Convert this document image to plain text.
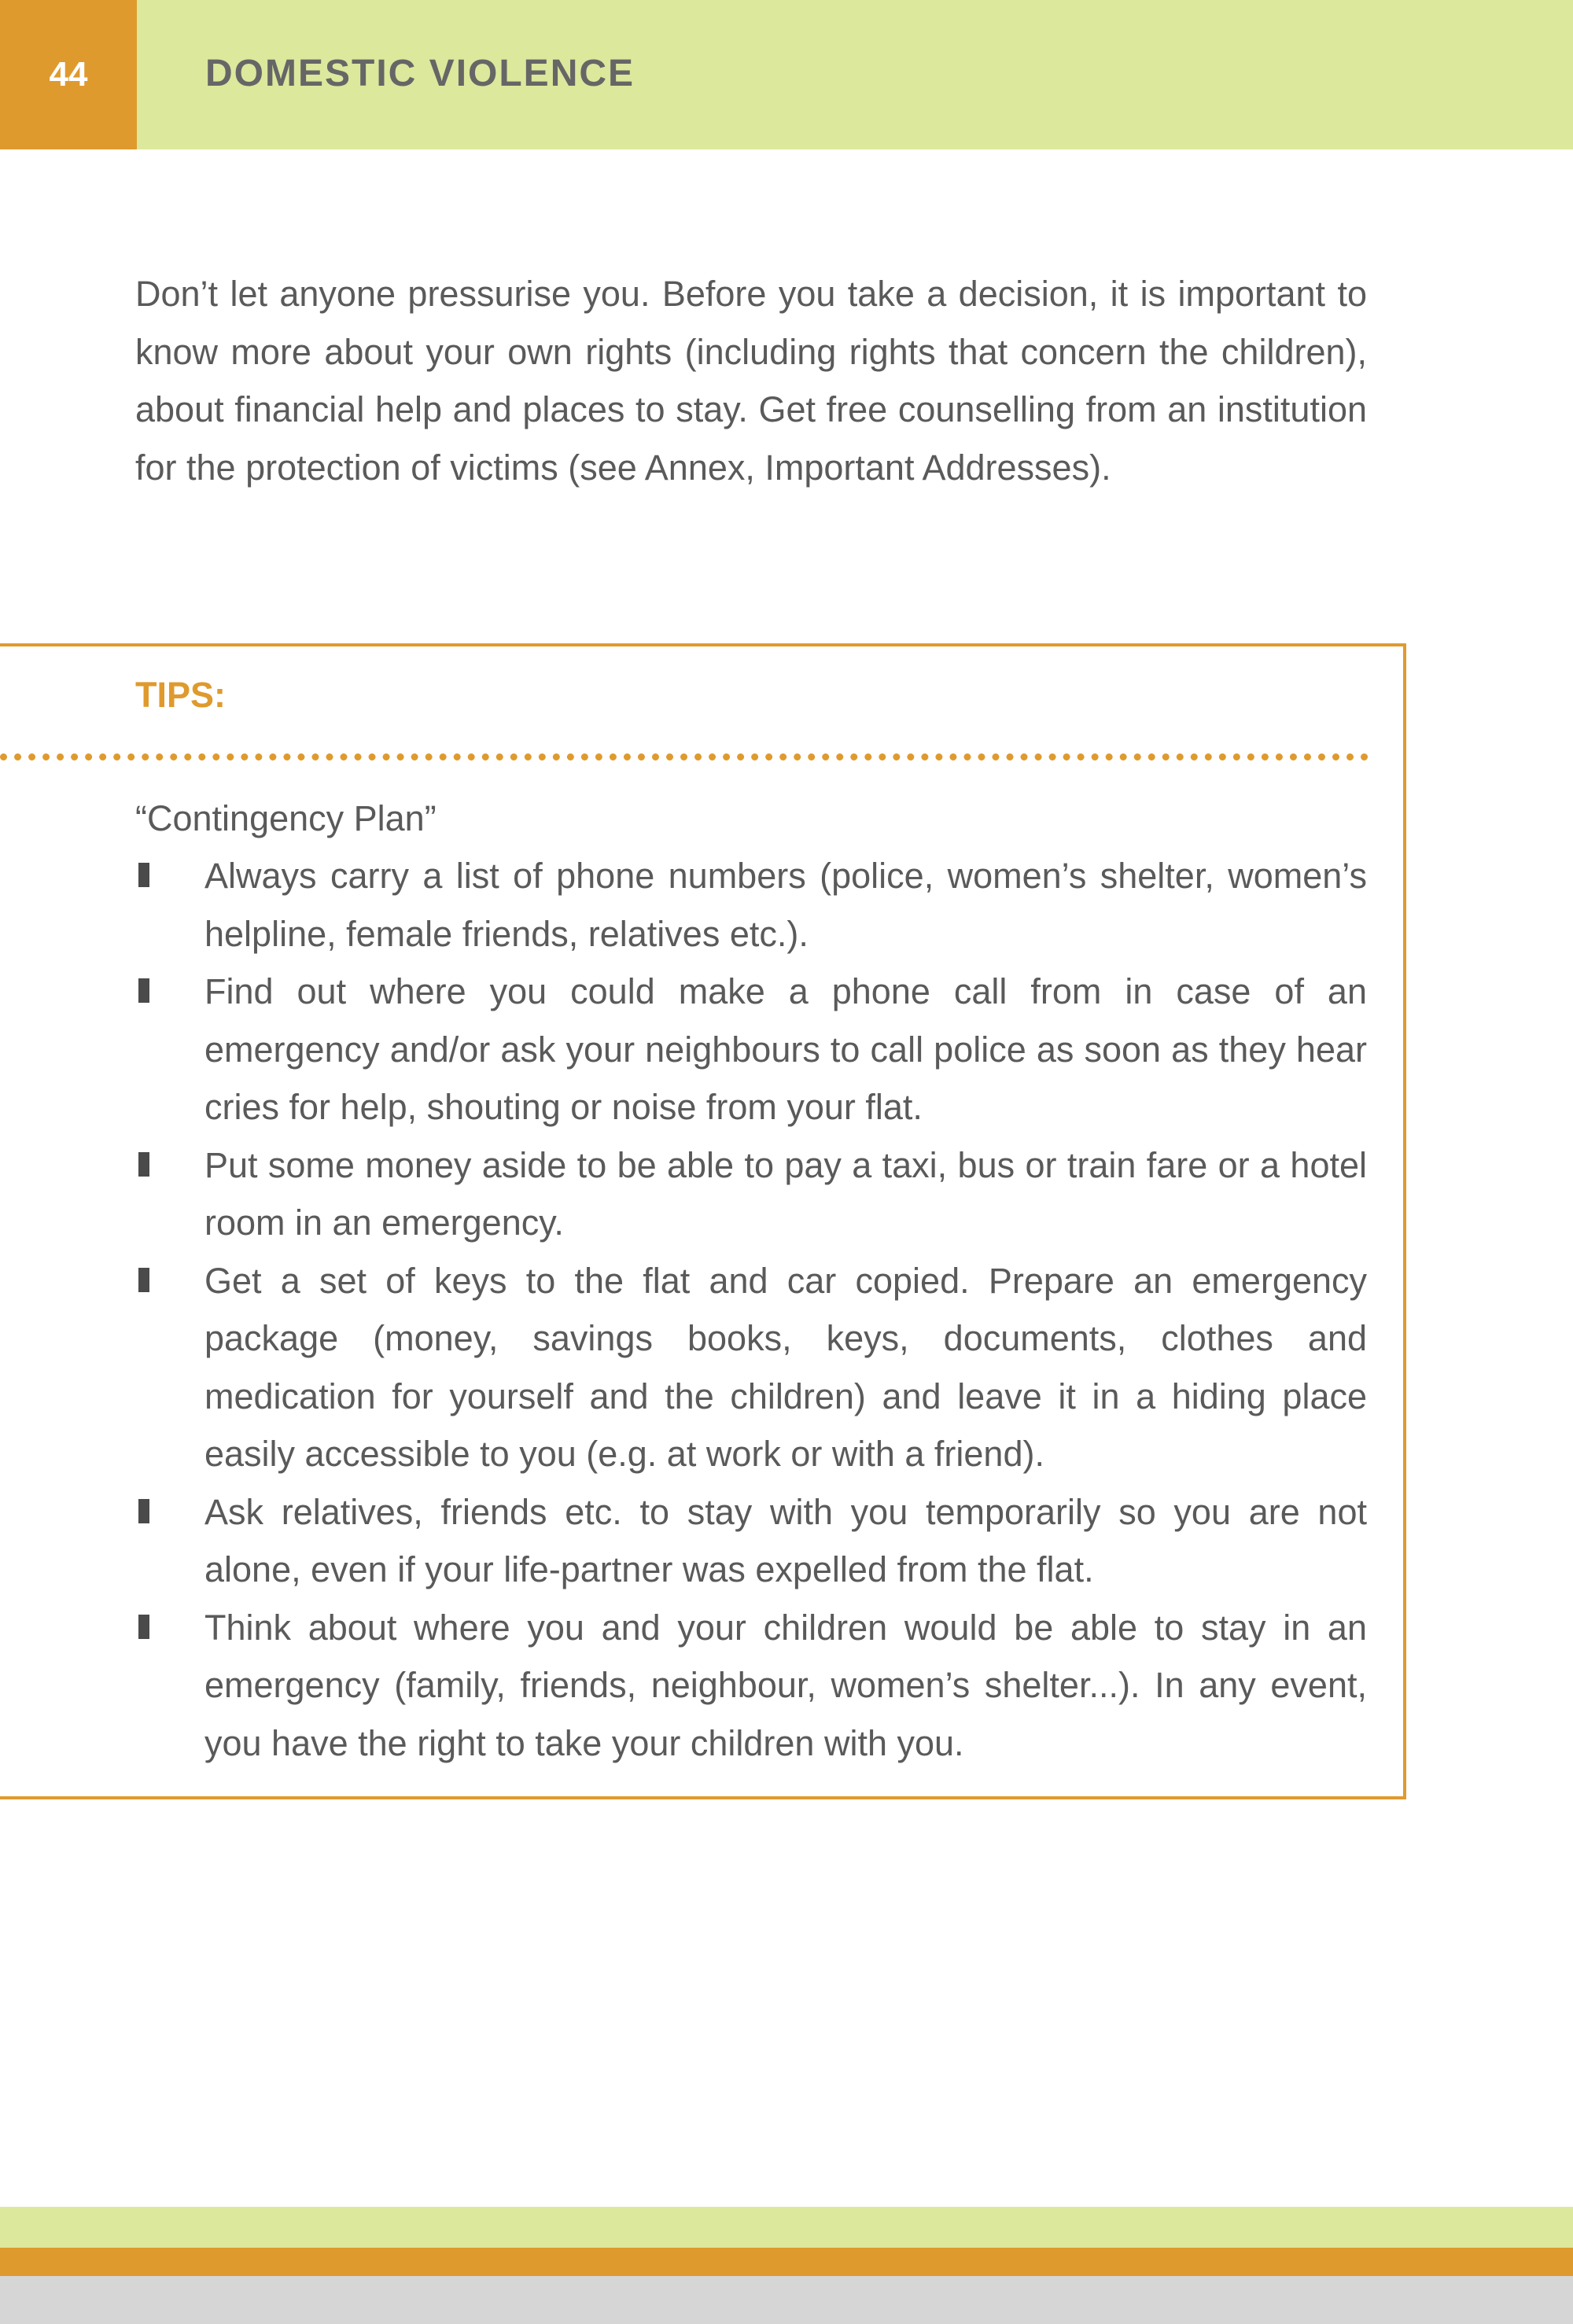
44	DOMESTIC VIOLENCE

Don’t let anyone pressurise you. Before you take a decision, it is important to know more about your own rights (including rights that concern the children), about financial help and places to stay. Get free counselling from an institution for the protection of victims (see Annex, Important Addresses).

TIPS:
“Contingency Plan”
Always carry a list of phone numbers (police, women’s shelter, women’s helpline, female friends, relatives etc.).
Find out where you could make a phone call from in case of an emergency and/or ask your neighbours to call police as soon as they hear cries for help, shouting or noise from your flat.
Put some money aside to be able to pay a taxi, bus or train fare or a hotel room in an emergency.
Get a set of keys to the flat and car copied. Prepare an emergency package (money, savings books, keys, documents, clothes and medication for yourself and the children) and leave it in a hiding place easily accessible to you (e.g. at work or with a friend).
Ask relatives, friends etc. to stay with you temporarily so you are not alone, even if your life-partner was expelled from the flat.
Think about where you and your children would be able to stay in an emergency (family, friends, neighbour, women’s shelter...). In any event, you have the right to take your children with you.
